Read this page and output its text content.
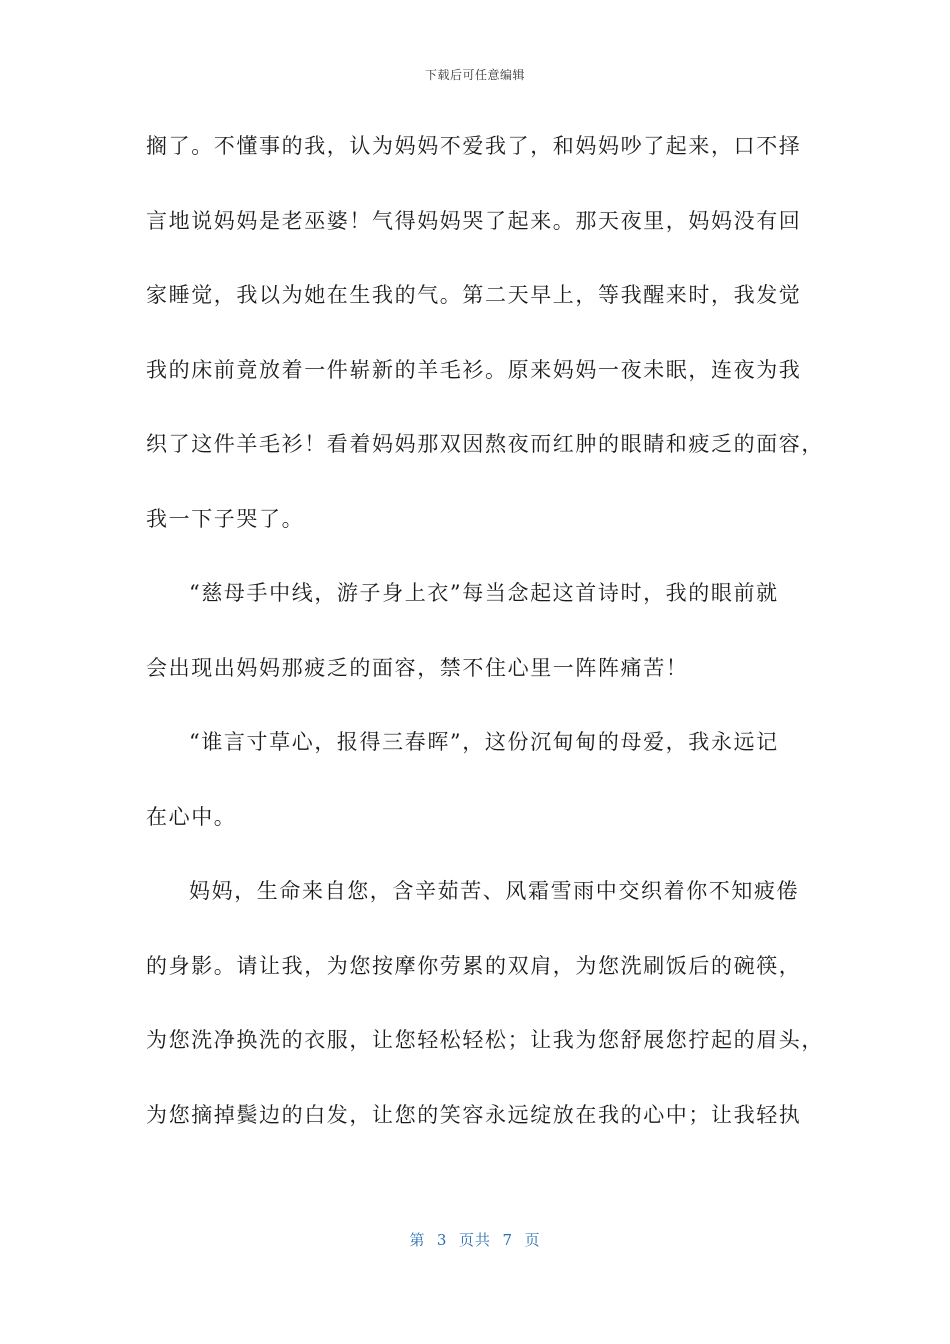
下载后可任意编辑
搁了。不懂事的我，认为妈妈不爱我了，和妈妈吵了起来，口不择
言地说妈妈是老巫婆！气得妈妈哭了起来。那天夜里，妈妈没有回
家睡觉，我以为她在生我的气。第二天早上，等我醒来时，我发觉
我的床前竟放着一件崭新的羊毛衫。原来妈妈一夜未眠，连夜为我
织了这件羊毛衫！看着妈妈那双因熬夜而红肿的眼睛和疲乏的面容，
我一下子哭了。
“慈母手中线，游子身上衣”每当念起这首诗时，我的眼前就
会出现出妈妈那疲乏的面容，禁不住心里一阵阵痛苦！
“谁言寸草心，报得三春晖”，这份沉甸甸的母爱，我永远记
在心中。
妈妈，生命来自您，含辛茹苦、风霜雪雨中交织着你不知疲倦
的身影。请让我，为您按摩你劳累的双肩，为您洗刷饭后的碗筷，
为您洗净换洗的衣服，让您轻松轻松；让我为您舒展您拧起的眉头，
为您摘掉鬓边的白发，让您的笑容永远绽放在我的心中；让我轻执
第  3  页共  7  页
